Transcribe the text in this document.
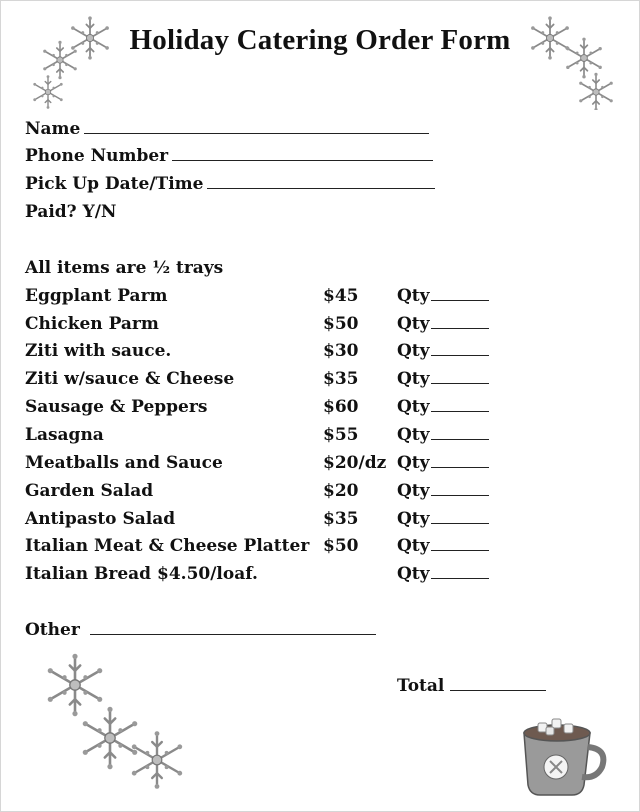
Holiday Catering Order Form
Name
Phone Number
Pick Up Date/Time
Paid? Y/N
All items are ½ trays
Eggplant Parm	$45 Qty
Chicken Parm	$50 Qty
Ziti with sauce.	$30 Qty
Ziti w/sauce & Cheese	$35 Qty
Sausage & Peppers	$60 Qty
Lasagna	$55 Qty
Meatballs and Sauce	$20/dz Qty
Garden Salad	$20 Qty
Antipasto Salad	$35 Qty
Italian Meat & Cheese Platter $50 Qty
Italian Bread $4.50/loaf.	Qty
Other
Total
